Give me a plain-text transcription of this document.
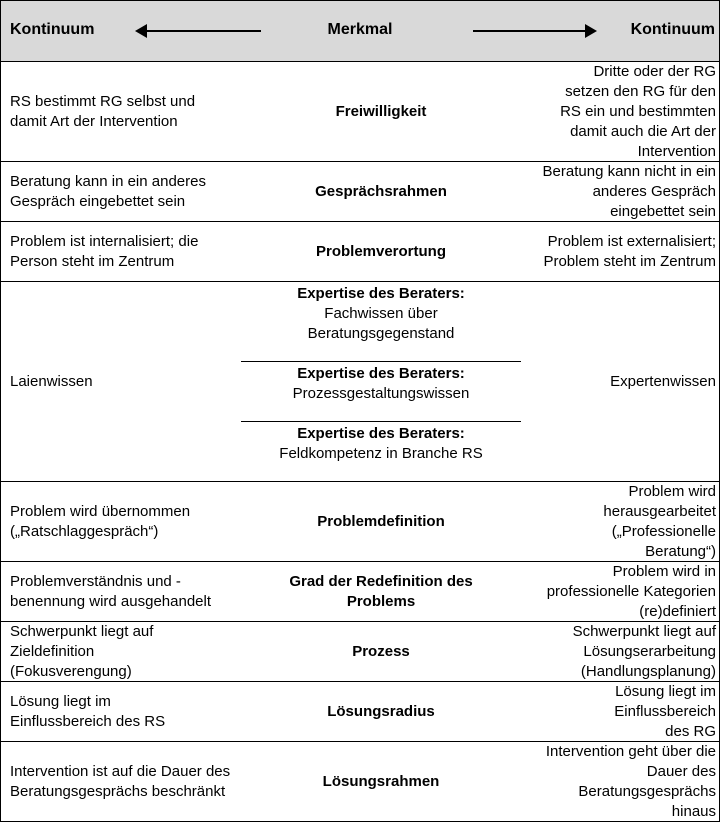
Kontinuum	Merkmal	Kontinuum
RS bestimmt RG selbst und damit Art der Intervention
Freiwilligkeit
Dritte oder der RG setzen den RG für den RS ein und bestimmten damit auch die Art der Intervention
Beratung kann in ein anderes Gespräch eingebettet sein
Gesprächsrahmen
Beratung kann nicht in ein anderes Gespräch eingebettet sein
Problem ist internalisiert; die Person steht im Zentrum
Problemverortung
Problem ist externalisiert; Problem steht im Zentrum
Laienwissen
Expertise des Beraters:
Fachwissen über Beratungsgegenstand
Expertise des Beraters:
Prozessgestaltungswissen
Expertise des Beraters:
Feldkompetenz in Branche RS
Expertenwissen
Problem wird übernommen („Ratschlaggespräch“)
Problemdefinition
Problem wird herausgearbeitet („Professionelle Beratung“)
Problemverständnis und -benennung wird ausgehandelt
Grad der Redefinition des Problems
Problem wird in professionelle Kategorien (re)definiert
Schwerpunkt liegt auf Zieldefinition (Fokusverengung)
Prozess
Schwerpunkt liegt auf Lösungserarbeitung (Handlungsplanung)
Lösung liegt im Einflussbereich des RS
Lösungsradius
Lösung liegt im Einflussbereich des RG
Intervention ist auf die Dauer des Beratungsgesprächs beschränkt
Lösungsrahmen
Intervention geht über die Dauer des Beratungsgesprächs hinaus
